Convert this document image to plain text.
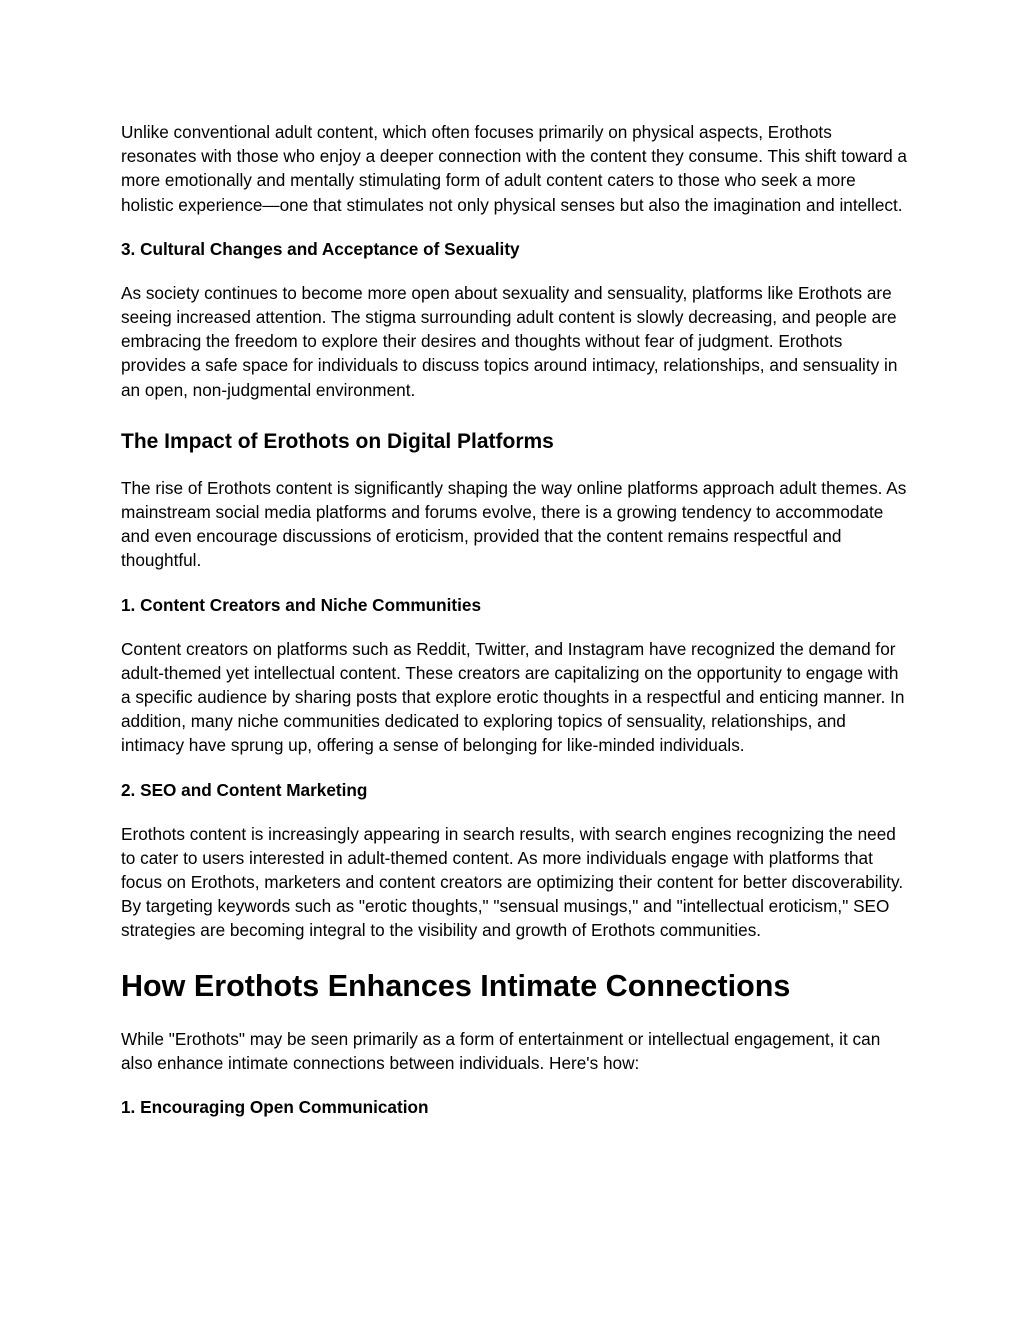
Unlike conventional adult content, which often focuses primarily on physical aspects, Erothots resonates with those who enjoy a deeper connection with the content they consume. This shift toward a more emotionally and mentally stimulating form of adult content caters to those who seek a more holistic experience—one that stimulates not only physical senses but also the imagination and intellect.

3. Cultural Changes and Acceptance of Sexuality

As society continues to become more open about sexuality and sensuality, platforms like Erothots are seeing increased attention. The stigma surrounding adult content is slowly decreasing, and people are embracing the freedom to explore their desires and thoughts without fear of judgment. Erothots provides a safe space for individuals to discuss topics around intimacy, relationships, and sensuality in an open, non-judgmental environment.

The Impact of Erothots on Digital Platforms

The rise of Erothots content is significantly shaping the way online platforms approach adult themes. As mainstream social media platforms and forums evolve, there is a growing tendency to accommodate and even encourage discussions of eroticism, provided that the content remains respectful and thoughtful.

1. Content Creators and Niche Communities

Content creators on platforms such as Reddit, Twitter, and Instagram have recognized the demand for adult-themed yet intellectual content. These creators are capitalizing on the opportunity to engage with a specific audience by sharing posts that explore erotic thoughts in a respectful and enticing manner. In addition, many niche communities dedicated to exploring topics of sensuality, relationships, and intimacy have sprung up, offering a sense of belonging for like-minded individuals.

2. SEO and Content Marketing

Erothots content is increasingly appearing in search results, with search engines recognizing the need to cater to users interested in adult-themed content. As more individuals engage with platforms that focus on Erothots, marketers and content creators are optimizing their content for better discoverability. By targeting keywords such as "erotic thoughts," "sensual musings," and "intellectual eroticism," SEO strategies are becoming integral to the visibility and growth of Erothots communities.

How Erothots Enhances Intimate Connections

While "Erothots" may be seen primarily as a form of entertainment or intellectual engagement, it can also enhance intimate connections between individuals. Here's how:

1. Encouraging Open Communication
